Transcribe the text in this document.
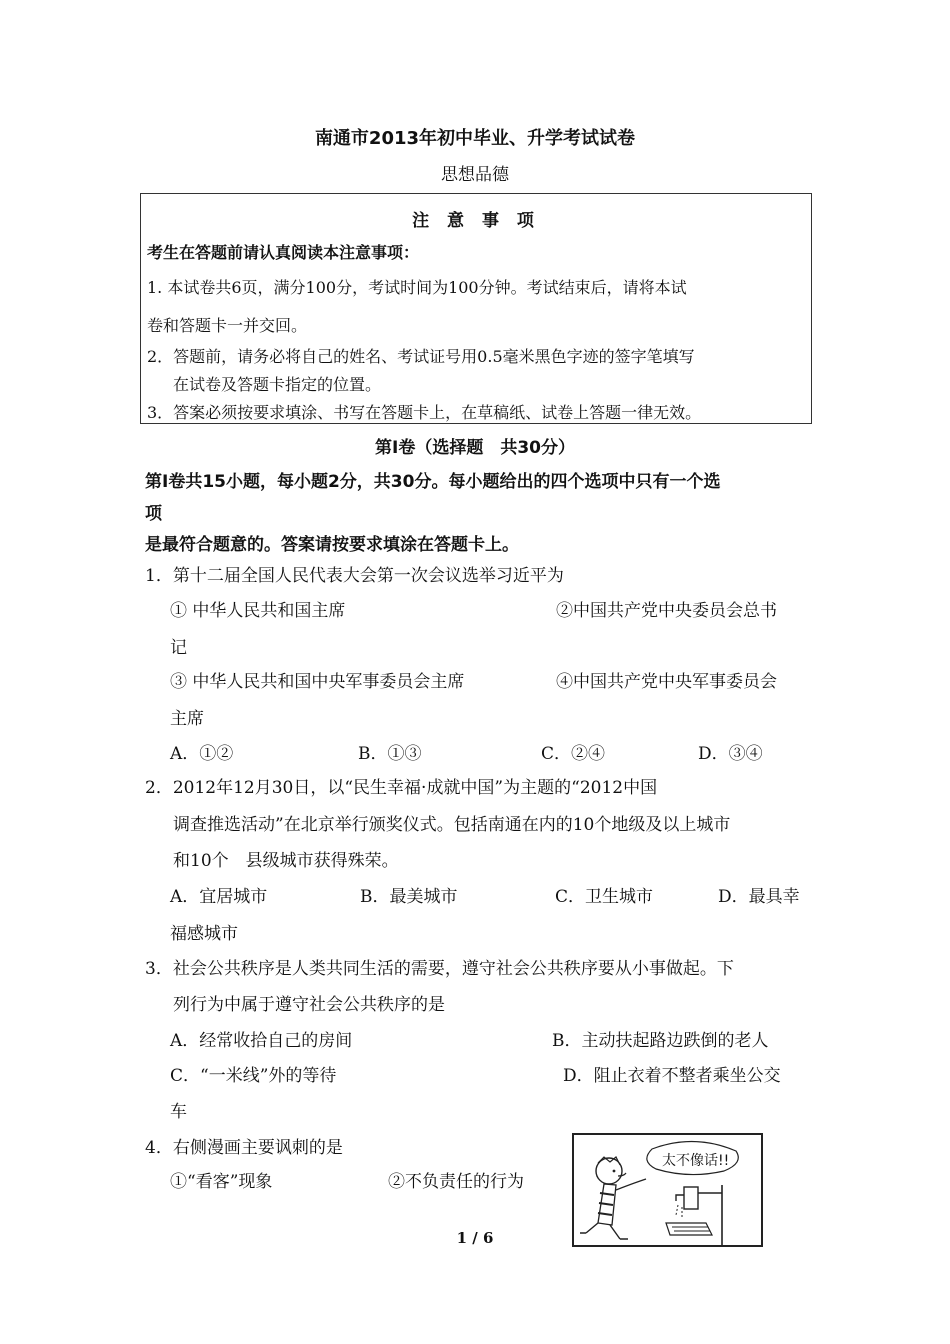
南通市2013年初中毕业、升学考试试卷
思想品德
注 意 事 项
考生在答题前请认真阅读本注意事项：
1. 本试卷共6页，满分100分，考试时间为100分钟。考试结束后，请将本试
卷和答题卡一并交回。
2．答题前，请务必将自己的姓名、考试证号用0.5毫米黑色字迹的签字笔填写
在试卷及答题卡指定的位置。
3．答案必须按要求填涂、书写在答题卡上，在草稿纸、试卷上答题一律无效。
第Ⅰ卷（选择题　共30分）
第Ⅰ卷共15小题，每小题2分，共30分。每小题给出的四个选项中只有一个选
项
是最符合题意的。答案请按要求填涂在答题卡上。
1．第十二届全国人民代表大会第一次会议选举习近平为
① 中华人民共和国主席	②中国共产党中央委员会总书
记
③ 中华人民共和国中央军事委员会主席	④中国共产党中央军事委员会
主席
A．①②	B．①③	C．②④	D．③④
2．2012年12月30日，以“民生幸福·成就中国”为主题的“2012中国
调查推选活动”在北京举行颁奖仪式。包括南通在内的10个地级及以上城市
和10个　县级城市获得殊荣。
A．宜居城市	B．最美城市	C．卫生城市	D．最具幸
福感城市
3．社会公共秩序是人类共同生活的需要，遵守社会公共秩序要从小事做起。下
列行为中属于遵守社会公共秩序的是
A．经常收拾自己的房间	B．主动扶起路边跌倒的老人
C．“一米线”外的等待	D．阻止衣着不整者乘坐公交
车
4．右侧漫画主要讽刺的是
①“看客”现象	②不负责任的行为
太不像话!!
1 / 6
